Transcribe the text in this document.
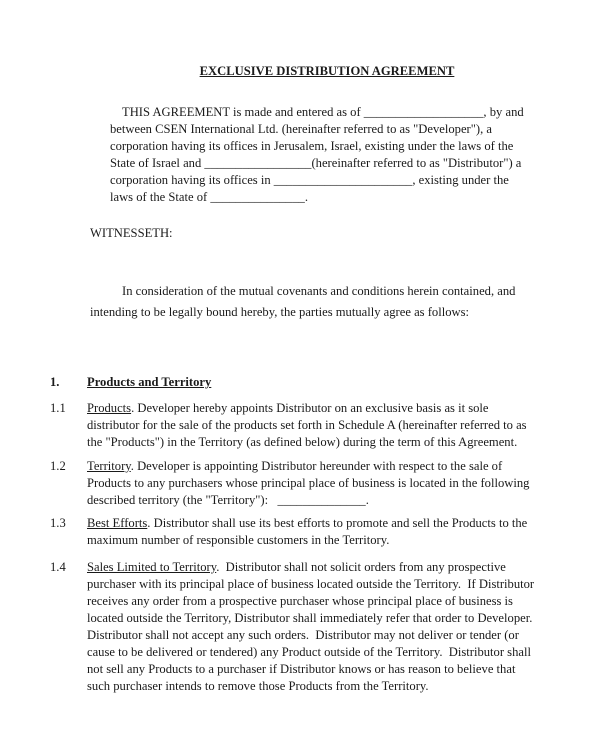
EXCLUSIVE DISTRIBUTION AGREEMENT
THIS AGREEMENT is made and entered as of ___________________, by and
between CSEN International Ltd. (hereinafter referred to as "Developer"), a
corporation having its offices in Jerusalem, Israel, existing under the laws of the
State of Israel and _________________(hereinafter referred to as "Distributor") a
corporation having its offices in ______________________, existing under the
laws of the State of _______________.
WITNESSETH:
In consideration of the mutual covenants and conditions herein contained, and
intending to be legally bound hereby, the parties mutually agree as follows:
1. Products and Territory
1.1 Products. Developer hereby appoints Distributor on an exclusive basis as it sole
distributor for the sale of the products set forth in Schedule A (hereinafter referred to as
the "Products") in the Territory (as defined below) during the term of this Agreement.
1.2 Territory. Developer is appointing Distributor hereunder with respect to the sale of
Products to any purchasers whose principal place of business is located in the following
described territory (the "Territory"):   ______________.
1.3 Best Efforts. Distributor shall use its best efforts to promote and sell the Products to the
maximum number of responsible customers in the Territory.
1.4 Sales Limited to Territory.  Distributor shall not solicit orders from any prospective
purchaser with its principal place of business located outside the Territory.  If Distributor
receives any order from a prospective purchaser whose principal place of business is
located outside the Territory, Distributor shall immediately refer that order to Developer.
Distributor shall not accept any such orders.  Distributor may not deliver or tender (or
cause to be delivered or tendered) any Product outside of the Territory.  Distributor shall
not sell any Products to a purchaser if Distributor knows or has reason to believe that
such purchaser intends to remove those Products from the Territory.
